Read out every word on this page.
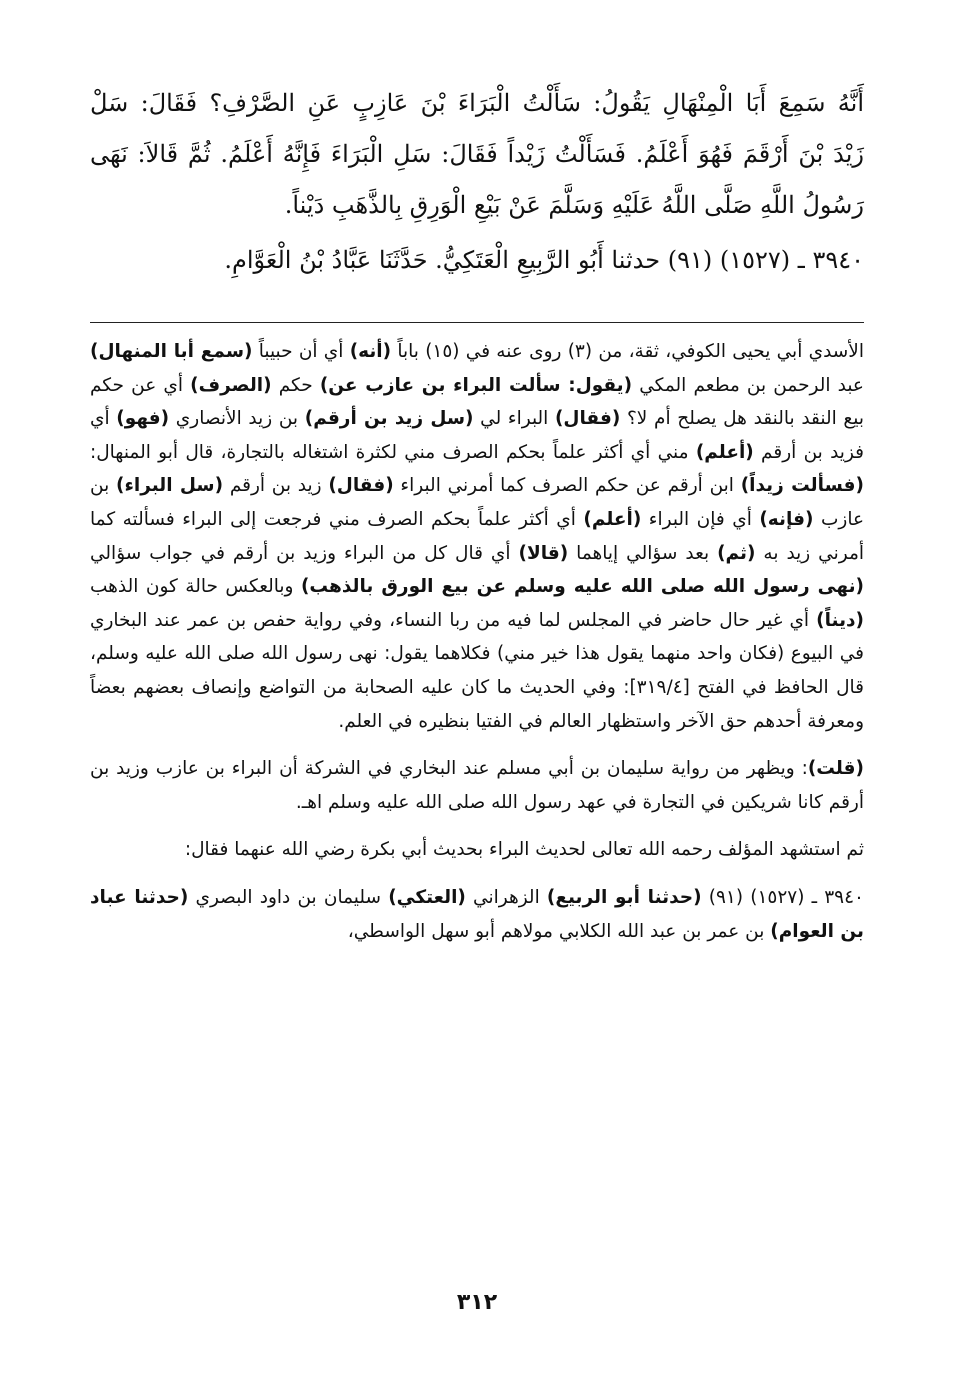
أَنَّهُ سَمِعَ أَبَا الْمِنْهَالِ يَقُولُ: سَأَلْتُ الْبَرَاءَ بْنَ عَازِبٍ عَنِ الصَّرْفِ؟ فَقَالَ: سَلْ
زَيْدَ بْنَ أَرْقَمَ فَهُوَ أَعْلَمُ. فَسَأَلْتُ زَيْداً فَقَالَ: سَلِ الْبَرَاءَ فَإِنَّهُ أَعْلَمُ. ثُمَّ قَالاَ: نَهَى
رَسُولُ اللَّهِ صَلَّى اللَّهُ عَلَيْهِ وَسَلَّمَ عَنْ بَيْعِ الْوَرِقِ بِالذَّهَبِ دَيْناً.
٣٩٤٠ ـ (١٥٢٧) (٩١) حدثنا أَبُو الرَّبِيعِ الْعَتَكِيُّ. حَدَّثَنَا عَبَّادُ بْنُ الْعَوَّامِ.

الأسدي أبي يحيى الكوفي، ثقة، من (٣) روى عنه في (١٥) باباً (أنه) أي أن حبيباً (سمع أبا المنهال) عبد الرحمن بن مطعم المكي (يقول: سألت البراء بن عازب عن) حكم (الصرف) أي عن حكم بيع النقد بالنقد هل يصلح أم لا؟ (فقال) البراء لي (سل زيد بن أرقم) بن زيد الأنصاري (فهو) أي فزيد بن أرقم (أعلم) مني أي أكثر علماً بحكم الصرف مني لكثرة اشتغاله بالتجارة، قال أبو المنهال: (فسألت زيداً) ابن أرقم عن حكم الصرف كما أمرني البراء (فقال) زيد بن أرقم (سل البراء) بن عازب (فإنه) أي فإن البراء (أعلم) أي أكثر علماً بحكم الصرف مني فرجعت إلى البراء فسألته كما أمرني زيد به (ثم) بعد سؤالي إياهما (قالا) أي قال كل من البراء وزيد بن أرقم في جواب سؤالي (نهى رسول الله صلى الله عليه وسلم عن بيع الورق بالذهب) وبالعكس حالة كون الذهب (ديناً) أي غير حال حاضر في المجلس لما فيه من ربا النساء، وفي رواية حفص بن عمر عند البخاري في البيوع (فكان واحد منهما يقول هذا خير مني) فكلاهما يقول: نهى رسول الله صلى الله عليه وسلم، قال الحافظ في الفتح [٣١٩/٤]: وفي الحديث ما كان عليه الصحابة من التواضع وإنصاف بعضهم بعضاً ومعرفة أحدهم حق الآخر واستظهار العالم في الفتيا بنظيره في العلم.

(قلت): ويظهر من رواية سليمان بن أبي مسلم عند البخاري في الشركة أن البراء بن عازب وزيد بن أرقم كانا شريكين في التجارة في عهد رسول الله صلى الله عليه وسلم اهـ.

ثم استشهد المؤلف رحمه الله تعالى لحديث البراء بحديث أبي بكرة رضي الله عنهما فقال:

٣٩٤٠ ـ (١٥٢٧) (٩١) (حدثنا أبو الربيع) الزهراني (العتكي) سليمان بن داود البصري (حدثنا عباد بن العوام) بن عمر بن عبد الله الكلابي مولاهم أبو سهل الواسطي،

٣١٢
